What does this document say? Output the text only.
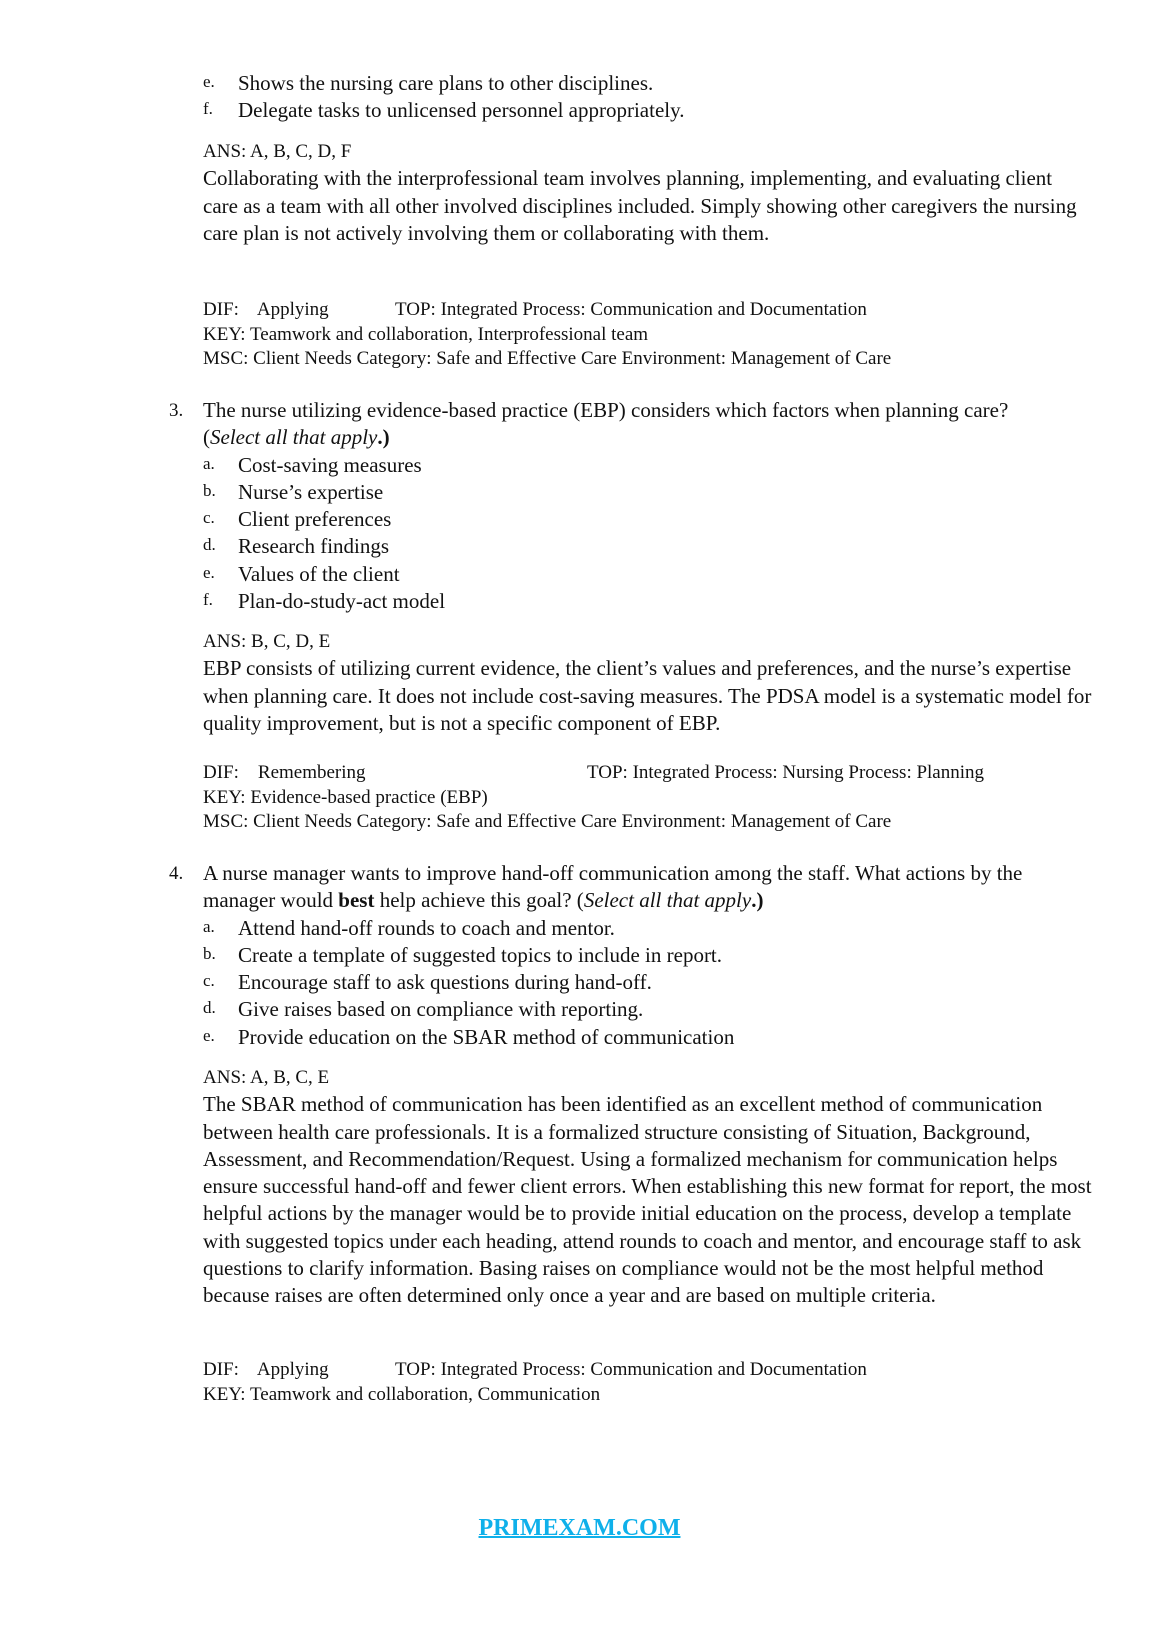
e. Shows the nursing care plans to other disciplines.
f. Delegate tasks to unlicensed personnel appropriately.

ANS: A, B, C, D, F

Collaborating with the interprofessional team involves planning, implementing, and evaluating client care as a team with all other involved disciplines included. Simply showing other caregivers the nursing care plan is not actively involving them or collaborating with them.

DIF:    Applying	TOP: Integrated Process: Communication and Documentation
KEY: Teamwork and collaboration, Interprofessional team
MSC: Client Needs Category: Safe and Effective Care Environment: Management of Care
3. The nurse utilizing evidence-based practice (EBP) considers which factors when planning care? (Select all that apply.)

a. Cost-saving measures
b. Nurse’s expertise
c. Client preferences
d. Research findings
e. Values of the client
f. Plan-do-study-act model

ANS: B, C, D, E

EBP consists of utilizing current evidence, the client’s values and preferences, and the nurse’s expertise when planning care. It does not include cost-saving measures. The PDSA model is a systematic model for quality improvement, but is not a specific component of EBP.

DIF:    Remembering	TOP: Integrated Process: Nursing Process: Planning
KEY: Evidence-based practice (EBP)
MSC: Client Needs Category: Safe and Effective Care Environment: Management of Care
4. A nurse manager wants to improve hand-off communication among the staff. What actions by the manager would best help achieve this goal? (Select all that apply.)

a. Attend hand-off rounds to coach and mentor.
b. Create a template of suggested topics to include in report.
c. Encourage staff to ask questions during hand-off.
d. Give raises based on compliance with reporting.
e. Provide education on the SBAR method of communication

ANS: A, B, C, E

The SBAR method of communication has been identified as an excellent method of communication between health care professionals. It is a formalized structure consisting of Situation, Background, Assessment, and Recommendation/Request. Using a formalized mechanism for communication helps ensure successful hand-off and fewer client errors. When establishing this new format for report, the most helpful actions by the manager would be to provide initial education on the process, develop a template with suggested topics under each heading, attend rounds to coach and mentor, and encourage staff to ask questions to clarify information. Basing raises on compliance would not be the most helpful method because raises are often determined only once a year and are based on multiple criteria.

DIF:    Applying	TOP: Integrated Process: Communication and Documentation
KEY: Teamwork and collaboration, Communication
PRIMEXAM.COM
